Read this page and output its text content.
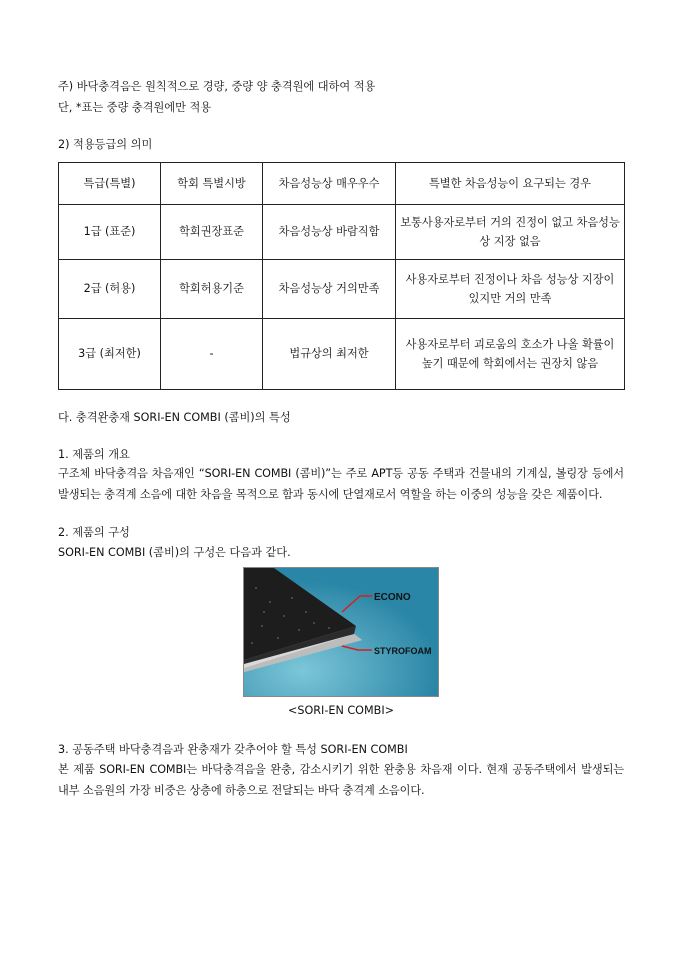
주) 바닥충격음은 원칙적으로 경량, 중량 양 충격원에 대하여 적용

단, *표는 중량 충격원에만 적용

2) 적용등급의 의미

특급(특별)	학회 특별시방	차음성능상 매우우수	특별한 차음성능이 요구되는 경우
1급 (표준)	학회권장표준	차음성능상 바람직함	보통사용자로부터 거의 진정이 없고 차음성능상 지장 없음
2급 (허용)	학회허용기준	차음성능상 거의만족	사용자로부터 진정이나 차음 성능상 지장이 있지만 거의 만족
3급 (최저한)	-	법규상의 최저한	사용자로부터 괴로움의 호소가 나올 확률이 높기 때문에 학회에서는 권장치 않음

다. 충격완충재 SORI-EN COMBI (콤비)의 특성

1. 제품의 개요

구조체 바닥충격음 차음재인 “SORI-EN COMBI (콤비)”는 주로 APT등 공동 주택과 건물내의 기계실, 볼링장 등에서 발생되는 충격계 소음에 대한 차음을 목적으로 함과 동시에 단열재로서 역할을 하는 이중의 성능을 갖은 제품이다.

2. 제품의 구성

SORI-EN COMBI (콤비)의 구성은 다음과 같다.

ECONO
STYROFOAM

<SORI-EN COMBI>

3. 공동주택 바닥충격음과 완충재가 갖추어야 할 특성 SORI-EN COMBI

본 제품 SORI-EN COMBI는 바닥충격음을 완충, 감소시키기 위한 완충용 차음재 이다. 현재 공동주택에서 발생되는 내부 소음원의 가장 비중은 상층에 하층으로 전달되는 바닥 충격계 소음이다.
